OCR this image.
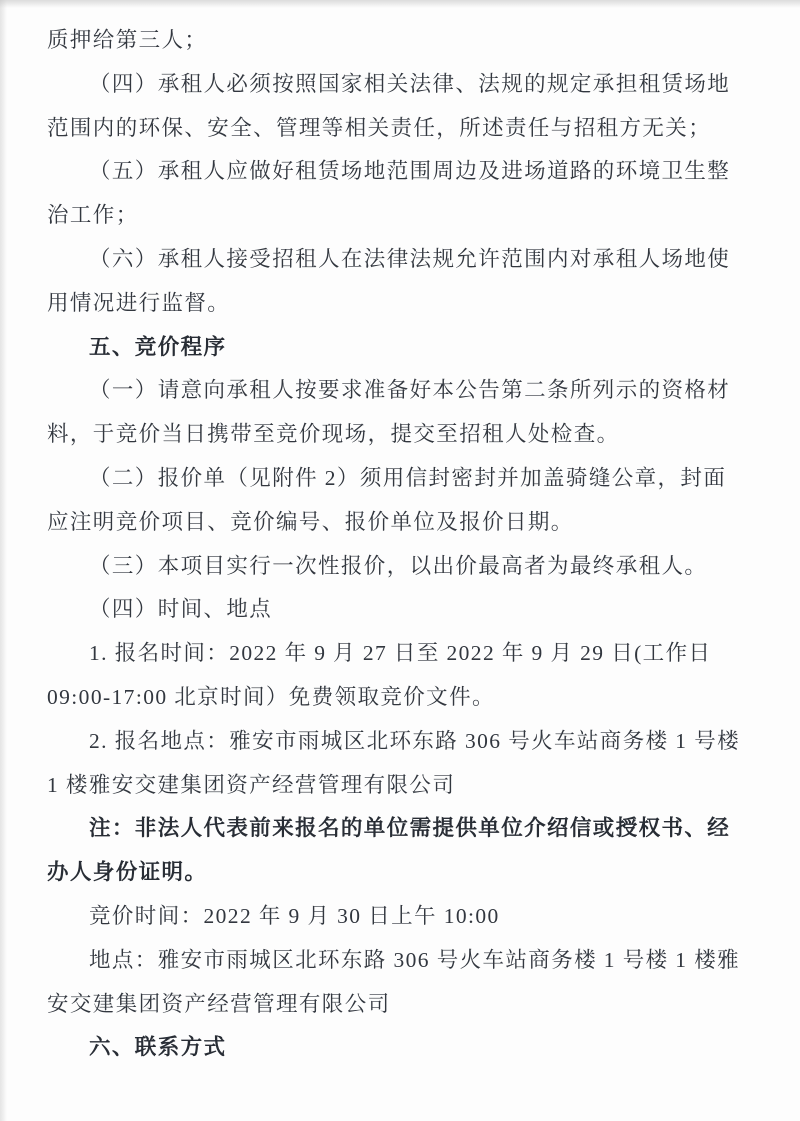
质押给第三人；
（四）承租人必须按照国家相关法律、法规的规定承担租赁场地
范围内的环保、安全、管理等相关责任，所述责任与招租方无关；
（五）承租人应做好租赁场地范围周边及进场道路的环境卫生整
治工作；
（六）承租人接受招租人在法律法规允许范围内对承租人场地使
用情况进行监督。
五、竞价程序
（一）请意向承租人按要求准备好本公告第二条所列示的资格材
料，于竞价当日携带至竞价现场，提交至招租人处检查。
（二）报价单（见附件 2）须用信封密封并加盖骑缝公章，封面
应注明竞价项目、竞价编号、报价单位及报价日期。
（三）本项目实行一次性报价，以出价最高者为最终承租人。
（四）时间、地点
1. 报名时间：2022 年 9 月 27 日至 2022 年 9 月 29 日(工作日
09:00-17:00 北京时间）免费领取竞价文件。
2. 报名地点：雅安市雨城区北环东路 306 号火车站商务楼 1 号楼
1 楼雅安交建集团资产经营管理有限公司
注：非法人代表前来报名的单位需提供单位介绍信或授权书、经
办人身份证明。
竞价时间：2022 年 9 月 30 日上午 10:00
地点：雅安市雨城区北环东路 306 号火车站商务楼 1 号楼 1 楼雅
安交建集团资产经营管理有限公司
六、联系方式
